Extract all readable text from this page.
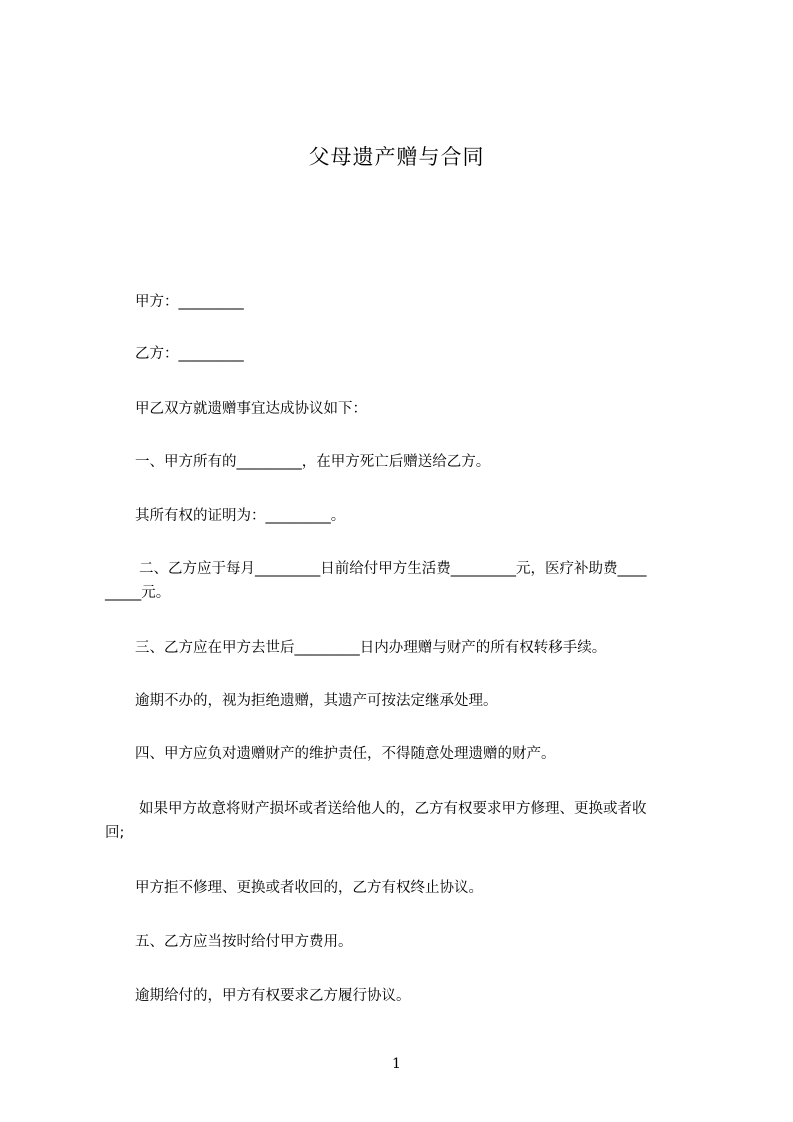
父母遗产赠与合同
甲方：_________
乙方：_________
甲乙双方就遗赠事宜达成协议如下：
一、甲方所有的_________，在甲方死亡后赠送给乙方。
其所有权的证明为：_________。
二、乙方应于每月_________日前给付甲方生活费_________元，医疗补助费____
_____元。
三、乙方应在甲方去世后_________日内办理赠与财产的所有权转移手续。
逾期不办的，视为拒绝遗赠，其遗产可按法定继承处理。
四、甲方应负对遗赠财产的维护责任，不得随意处理遗赠的财产。
如果甲方故意将财产损坏或者送给他人的，乙方有权要求甲方修理、更换或者收
回;
甲方拒不修理、更换或者收回的，乙方有权终止协议。
五、乙方应当按时给付甲方费用。
逾期给付的，甲方有权要求乙方履行协议。
1
